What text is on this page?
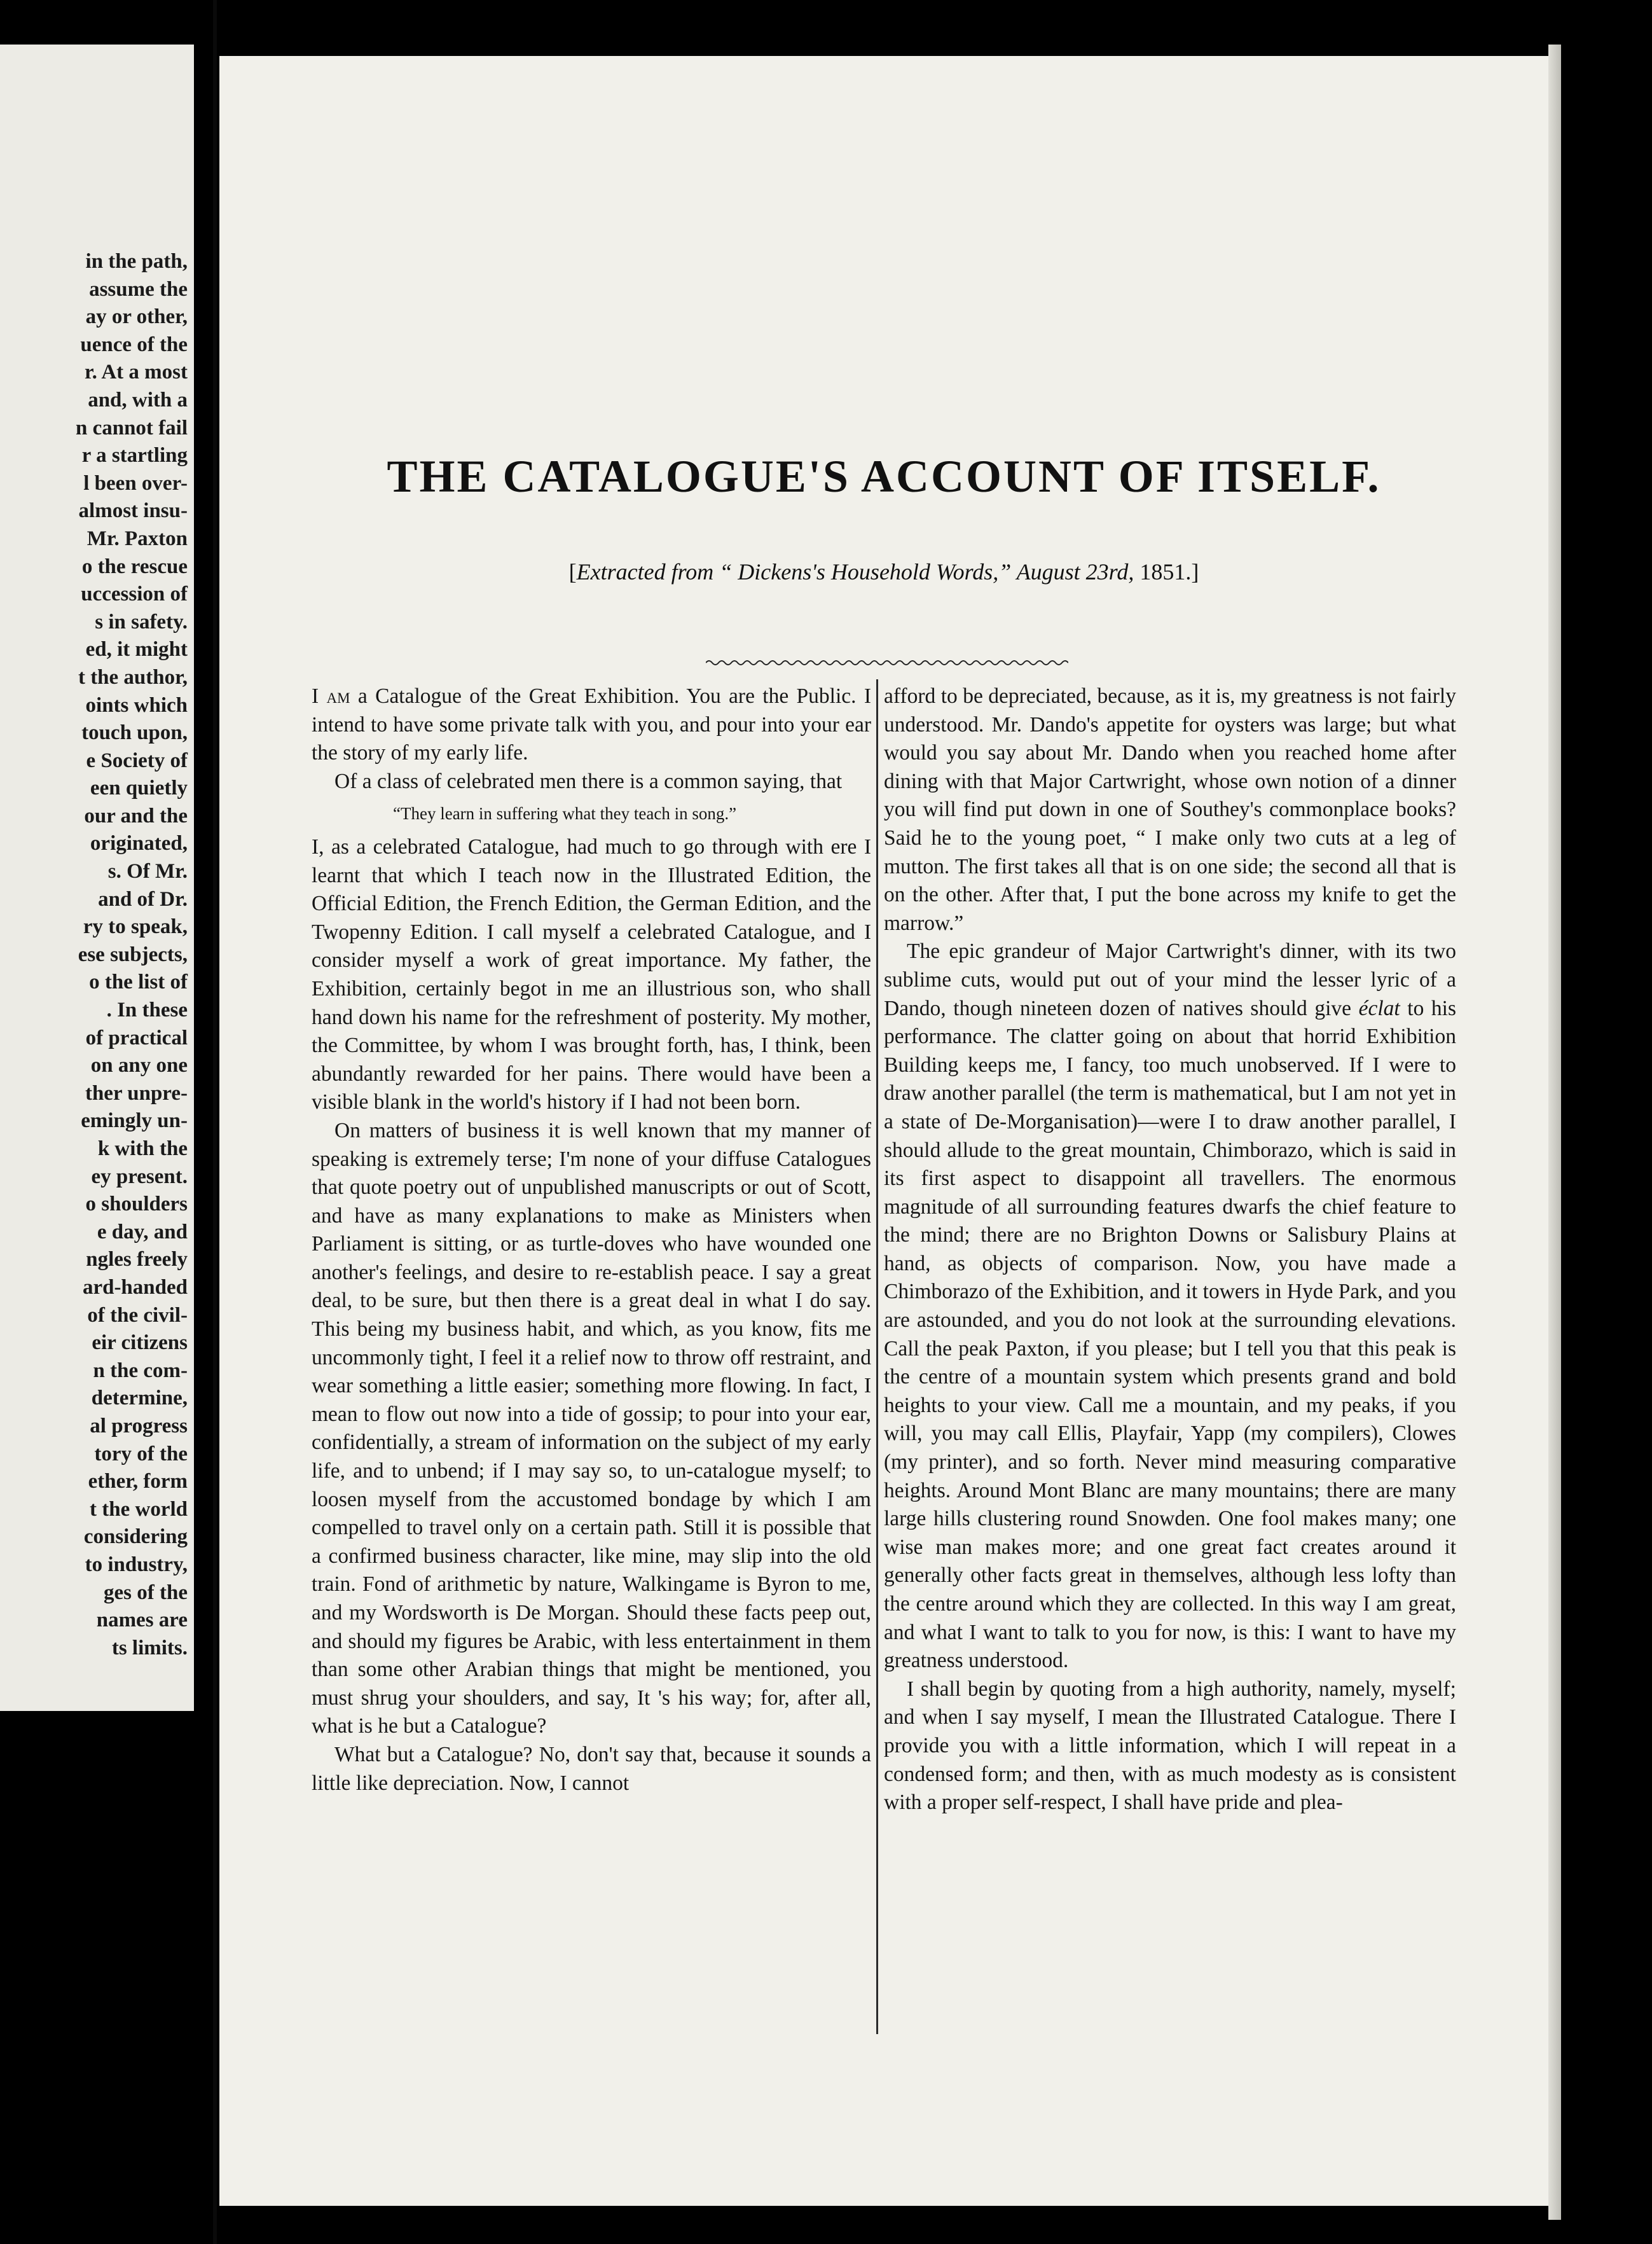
in the path,
assume the
ay or other,
uence of the
r. At a most
and, with a
n cannot fail
r a startling
l been over-
almost insu-
Mr. Paxton
o the rescue
uccession of
s in safety.
ed, it might
t the author,
oints which
touch upon,
e Society of
een quietly
our and the
originated,
s. Of Mr.
and of Dr.
ry to speak,
ese subjects,
o the list of
. In these
of practical
on any one
ther unpre-
emingly un-
k with the
ey present.
o shoulders
e day, and
ngles freely
ard-handed
of the civil-
eir citizens
n the com-
determine,
al progress
tory of the
ether, form
t the world
considering
to industry,
ges of the
names are
ts limits.
THE CATALOGUE'S ACCOUNT OF ITSELF.
[Extracted from “ Dickens's Household Words,” August 23rd, 1851.]

I am a Catalogue of the Great Exhibition. You are the Public. I intend to have some private talk with you, and pour into your ear the story of my early life.

Of a class of celebrated men there is a common saying, that

“They learn in suffering what they teach in song.”

I, as a celebrated Catalogue, had much to go through with ere I learnt that which I teach now in the Illustrated Edition, the Official Edition, the French Edition, the German Edition, and the Twopenny Edition. I call myself a celebrated Catalogue, and I consider myself a work of great importance. My father, the Exhibition, certainly begot in me an illustrious son, who shall hand down his name for the refreshment of posterity. My mother, the Committee, by whom I was brought forth, has, I think, been abundantly rewarded for her pains. There would have been a visible blank in the world's history if I had not been born.

On matters of business it is well known that my manner of speaking is extremely terse; I'm none of your diffuse Catalogues that quote poetry out of unpublished manuscripts or out of Scott, and have as many explanations to make as Ministers when Parliament is sitting, or as turtle-doves who have wounded one another's feelings, and desire to re-establish peace. I say a great deal, to be sure, but then there is a great deal in what I do say. This being my business habit, and which, as you know, fits me uncommonly tight, I feel it a relief now to throw off restraint, and wear something a little easier; something more flowing. In fact, I mean to flow out now into a tide of gossip; to pour into your ear, confidentially, a stream of information on the subject of my early life, and to unbend; if I may say so, to un-catalogue myself; to loosen myself from the accustomed bondage by which I am compelled to travel only on a certain path. Still it is possible that a confirmed business character, like mine, may slip into the old train. Fond of arithmetic by nature, Walkingame is Byron to me, and my Wordsworth is De Morgan. Should these facts peep out, and should my figures be Arabic, with less entertainment in them than some other Arabian things that might be mentioned, you must shrug your shoulders, and say, It 's his way; for, after all, what is he but a Catalogue?

What but a Catalogue? No, don't say that, because it sounds a little like depreciation. Now, I cannot

afford to be depreciated, because, as it is, my greatness is not fairly understood. Mr. Dando's appetite for oysters was large; but what would you say about Mr. Dando when you reached home after dining with that Major Cartwright, whose own notion of a dinner you will find put down in one of Southey's commonplace books? Said he to the young poet, “ I make only two cuts at a leg of mutton. The first takes all that is on one side; the second all that is on the other. After that, I put the bone across my knife to get the marrow.”

The epic grandeur of Major Cartwright's dinner, with its two sublime cuts, would put out of your mind the lesser lyric of a Dando, though nineteen dozen of natives should give éclat to his performance. The clatter going on about that horrid Exhibition Building keeps me, I fancy, too much unobserved. If I were to draw another parallel (the term is mathematical, but I am not yet in a state of De-Morganisation)—were I to draw another parallel, I should allude to the great mountain, Chimborazo, which is said in its first aspect to disappoint all travellers. The enormous magnitude of all surrounding features dwarfs the chief feature to the mind; there are no Brighton Downs or Salisbury Plains at hand, as objects of comparison. Now, you have made a Chimborazo of the Exhibition, and it towers in Hyde Park, and you are astounded, and you do not look at the surrounding elevations. Call the peak Paxton, if you please; but I tell you that this peak is the centre of a mountain system which presents grand and bold heights to your view. Call me a mountain, and my peaks, if you will, you may call Ellis, Playfair, Yapp (my compilers), Clowes (my printer), and so forth. Never mind measuring comparative heights. Around Mont Blanc are many mountains; there are many large hills clustering round Snowden. One fool makes many; one wise man makes more; and one great fact creates around it generally other facts great in themselves, although less lofty than the centre around which they are collected. In this way I am great, and what I want to talk to you for now, is this: I want to have my greatness understood.

I shall begin by quoting from a high authority, namely, myself; and when I say myself, I mean the Illustrated Catalogue. There I provide you with a little information, which I will repeat in a condensed form; and then, with as much modesty as is consistent with a proper self-respect, I shall have pride and plea-
